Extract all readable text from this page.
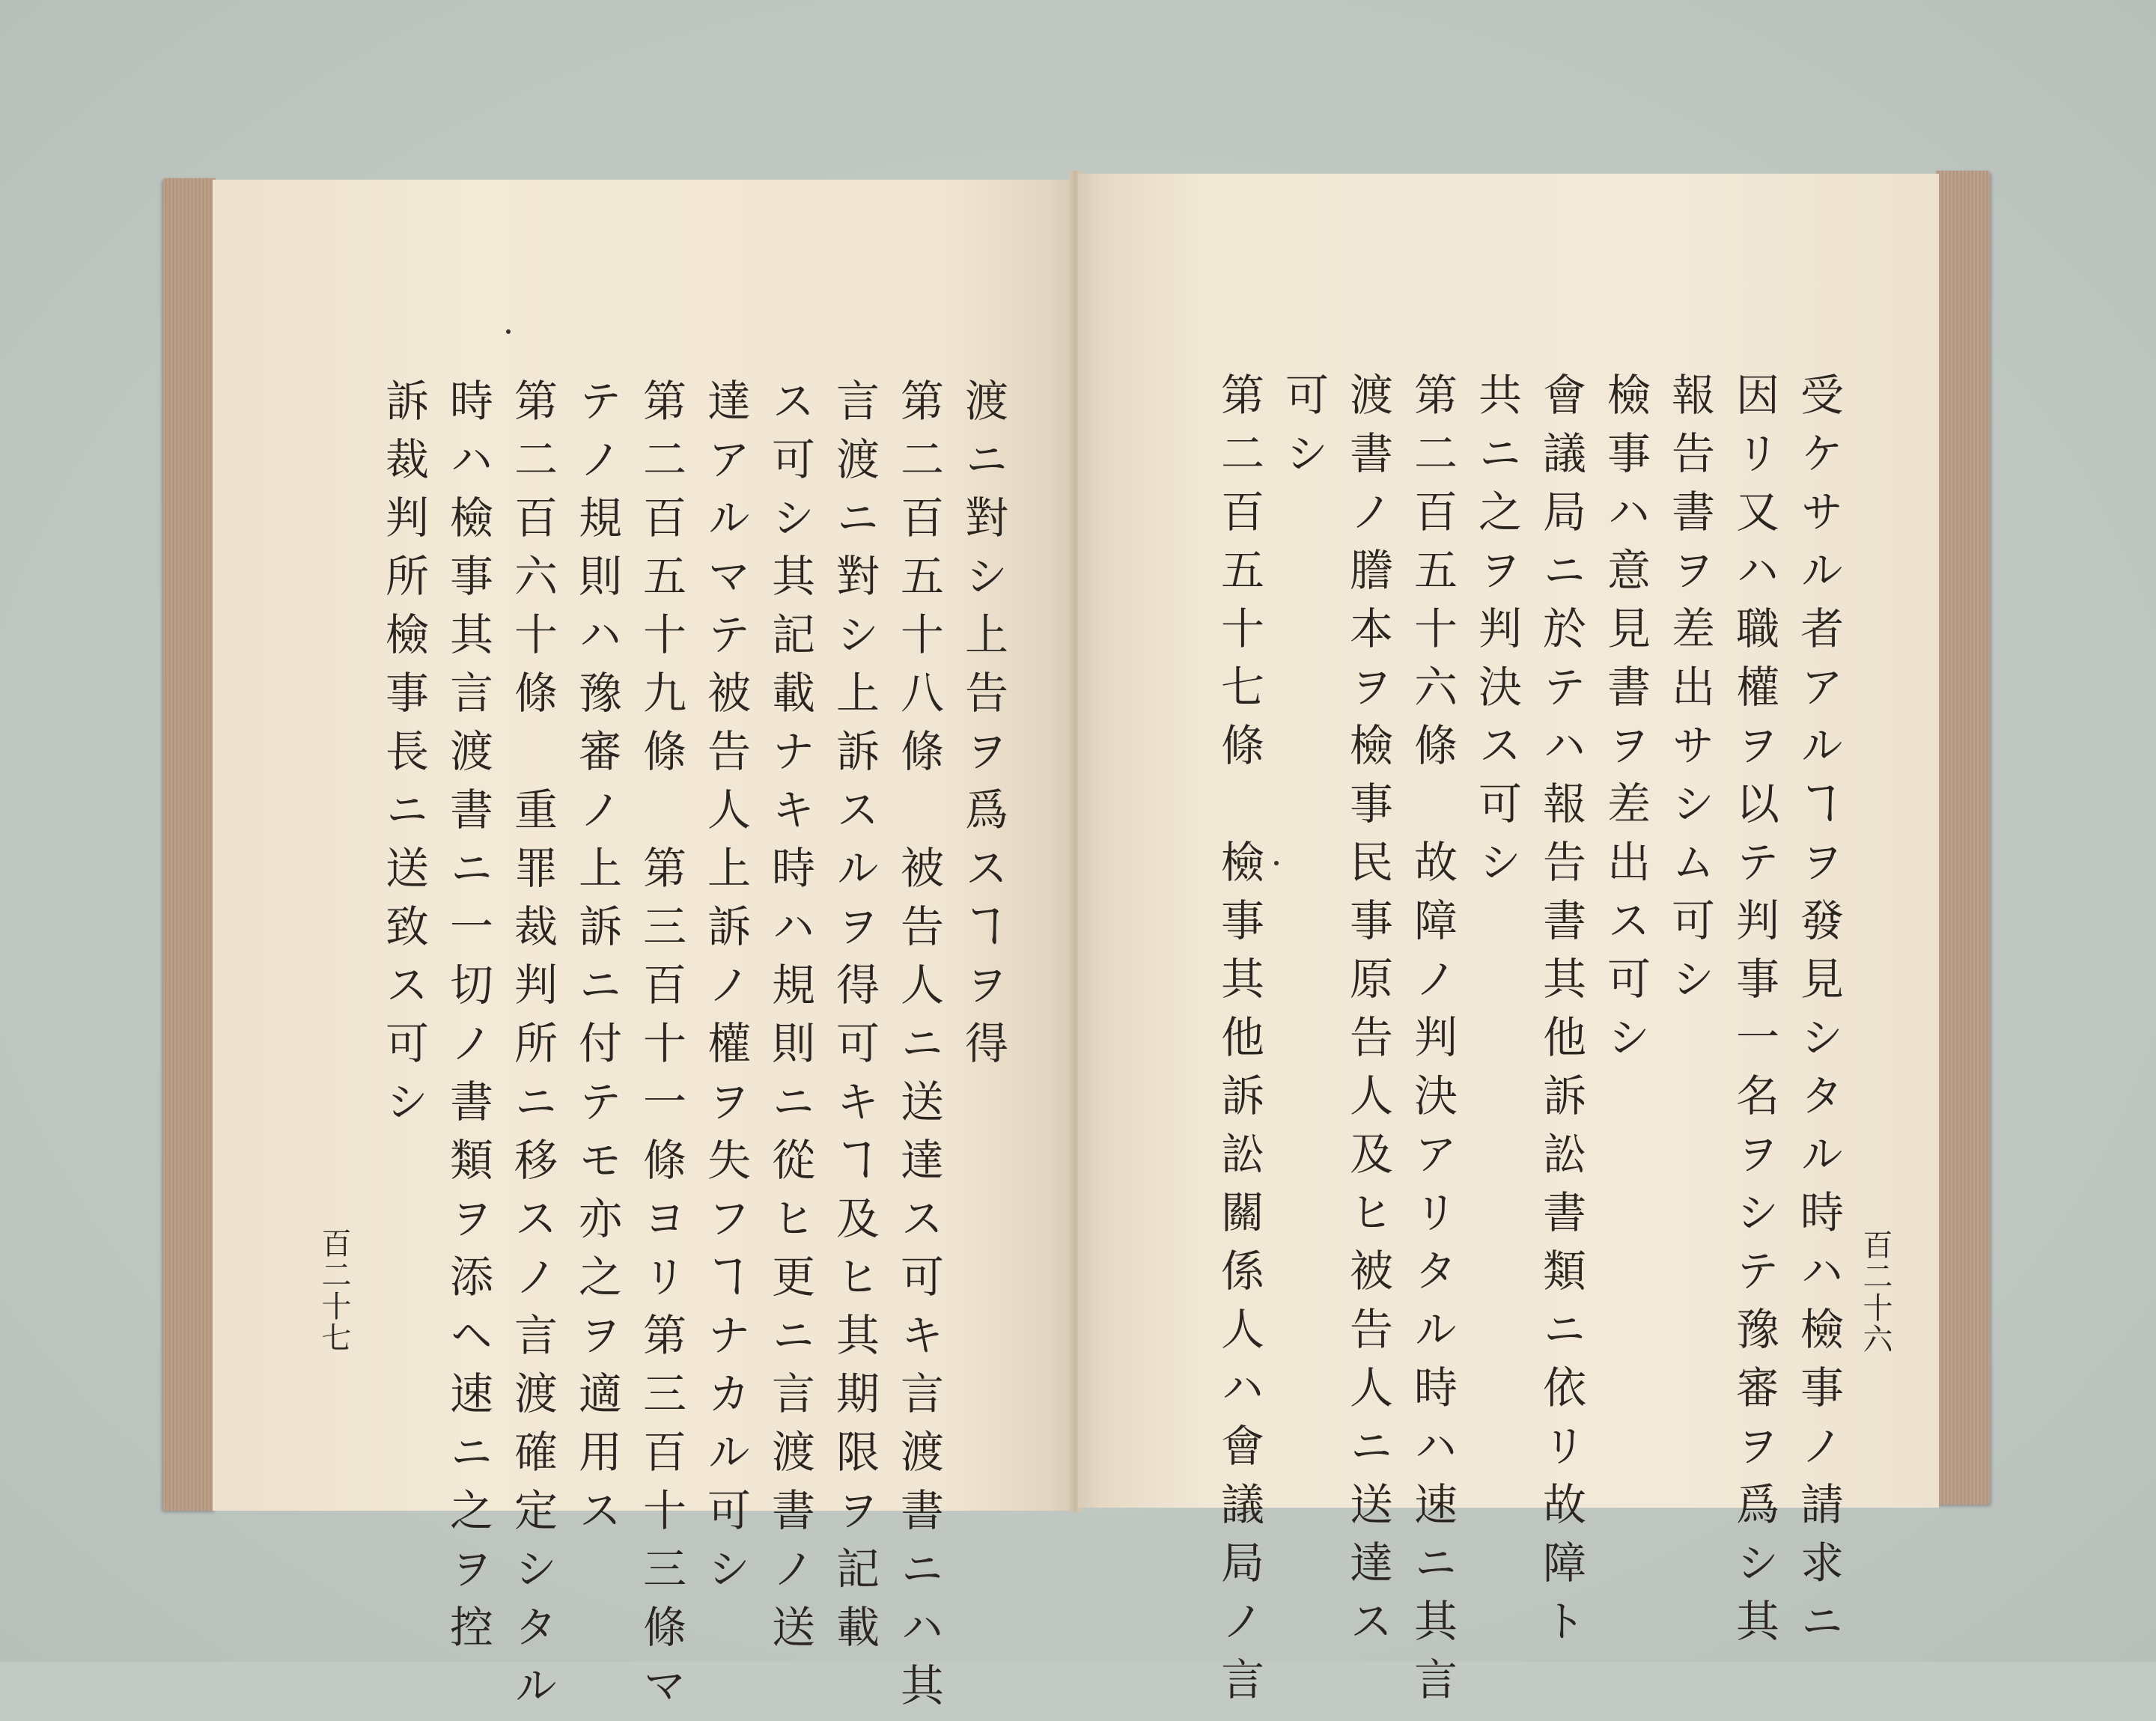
渡ニ對シ上告ヲ爲スヿヲ得
第二百五十八條　被告人ニ送達ス可キ言渡書ニハ其
言渡ニ對シ上訴スルヲ得可キヿ及ヒ其期限ヲ記載
ス可シ其記載ナキ時ハ規則ニ從ヒ更ニ言渡書ノ送
達アルマテ被告人上訴ノ權ヲ失フヿナカル可シ
第二百五十九條　第三百十一條ヨリ第三百十三條マ
テノ規則ハ豫審ノ上訴ニ付テモ亦之ヲ適用ス
第二百六十條　重罪裁判所ニ移スノ言渡確定シタル
時ハ檢事其言渡書ニ一切ノ書類ヲ添ヘ速ニ之ヲ控
訴裁判所檢事長ニ送致ス可シ
百二十七	百二十六
受ケサル者アルヿヲ發見シタル時ハ檢事ノ請求ニ
因リ又ハ職權ヲ以テ判事一名ヲシテ豫審ヲ爲シ其
報告書ヲ差出サシム可シ
檢事ハ意見書ヲ差出ス可シ
會議局ニ於テハ報告書其他訴訟書類ニ依リ故障ト
共ニ之ヲ判決ス可シ
第二百五十六條　故障ノ判決アリタル時ハ速ニ其言
渡書ノ謄本ヲ檢事民事原告人及ヒ被告人ニ送達ス
可シ
第二百五十七條　檢事其他訴訟關係人ハ會議局ノ言
